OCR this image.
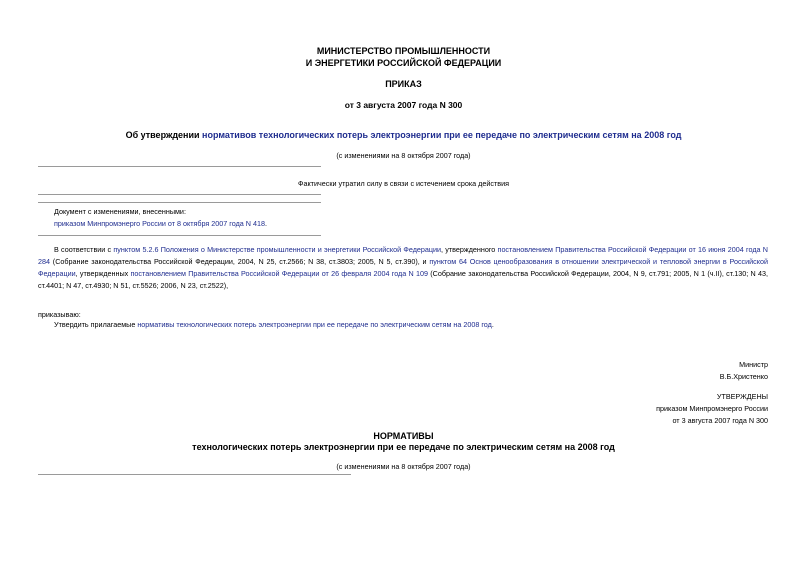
МИНИСТЕРСТВО ПРОМЫШЛЕННОСТИ
И ЭНЕРГЕТИКИ РОССИЙСКОЙ ФЕДЕРАЦИИ
ПРИКАЗ
от 3 августа 2007 года N 300
Об утверждении нормативов технологических потерь электроэнергии при ее передаче по электрическим сетям на 2008 год
(с изменениями на 8 октября 2007 года)
Фактически утратил силу в связи с истечением срока действия
Документ с изменениями, внесенными:
приказом Минпромэнерго России от 8 октября 2007 года N 418.
В соответствии с пунктом 5.2.6 Положения о Министерстве промышленности и энергетики Российской Федерации, утвержденного постановлением Правительства Российской Федерации от 16 июня 2004 года N 284 (Собрание законодательства Российской Федерации, 2004, N 25, ст.2566; N 38, ст.3803; 2005, N 5, ст.390), и пунктом 64 Основ ценообразования в отношении электрической и тепловой энергии в Российской Федерации, утвержденных постановлением Правительства Российской Федерации от 26 февраля 2004 года N 109 (Собрание законодательства Российской Федерации, 2004, N 9, ст.791; 2005, N 1 (ч.II), ст.130; N 43, ст.4401; N 47, ст.4930; N 51, ст.5526; 2006, N 23, ст.2522),
приказываю:
Утвердить прилагаемые нормативы технологических потерь электроэнергии при ее передаче по электрическим сетям на 2008 год.
Министр
В.Б.Христенко
УТВЕРЖДЕНЫ
приказом Минпромэнерго России
от 3 августа 2007 года N 300
НОРМАТИВЫ
технологических потерь электроэнергии при ее передаче по электрическим сетям на 2008 год
(с изменениями на 8 октября 2007 года)
